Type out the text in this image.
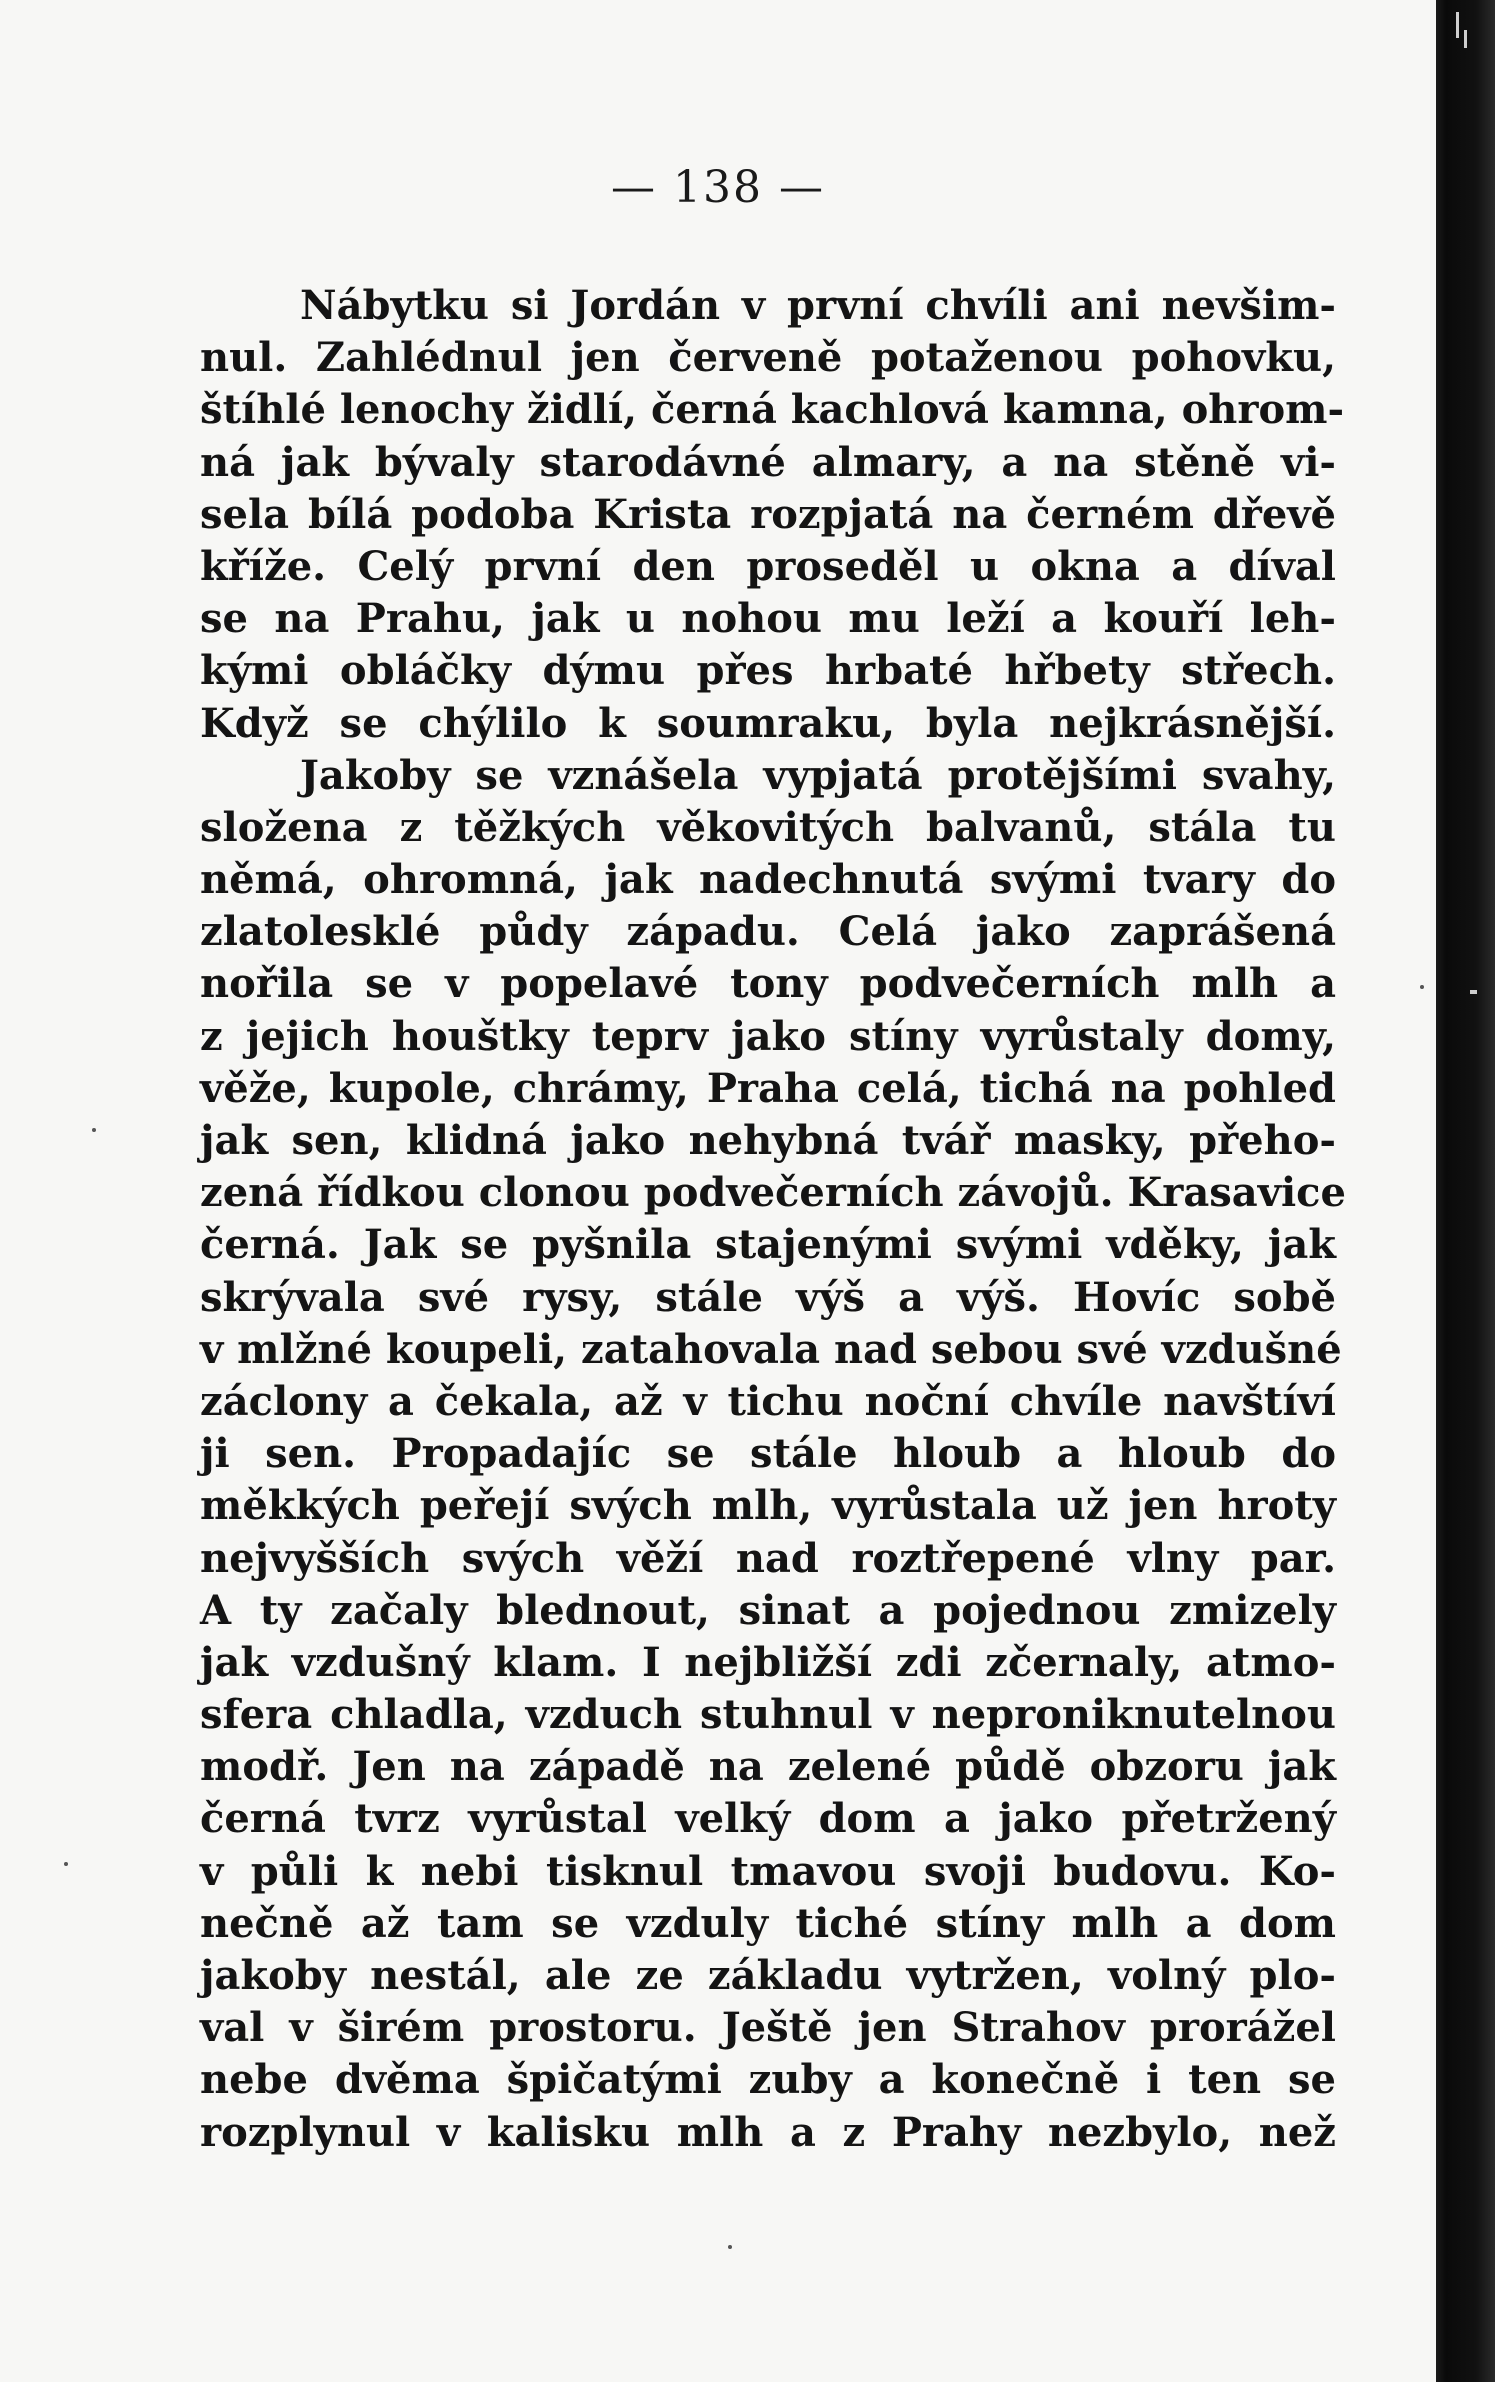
— 138 —
Nábytku si Jordán v první chvíli ani nevšim-
nul. Zahlédnul jen červeně potaženou pohovku,
štíhlé lenochy židlí, černá kachlová kamna, ohrom-
ná jak bývaly starodávné almary, a na stěně vi-
sela bílá podoba Krista rozpjatá na černém dřevě
kříže. Celý první den proseděl u okna a díval
se na Prahu, jak u nohou mu leží a kouří leh-
kými obláčky dýmu přes hrbaté hřbety střech.
Když se chýlilo k soumraku, byla nejkrásnější.
Jakoby se vznášela vypjatá protějšími svahy,
složena z těžkých věkovitých balvanů, stála tu
němá, ohromná, jak nadechnutá svými tvary do
zlatolesklé půdy západu. Celá jako zaprášená
nořila se v popelavé tony podvečerních mlh a
z jejich houštky teprv jako stíny vyrůstaly domy,
věže, kupole, chrámy, Praha celá, tichá na pohled
jak sen, klidná jako nehybná tvář masky, přeho-
zená řídkou clonou podvečerních závojů. Krasavice
černá. Jak se pyšnila stajenými svými vděky, jak
skrývala své rysy, stále výš a výš. Hovíc sobě
v mlžné koupeli, zatahovala nad sebou své vzdušné
záclony a čekala, až v tichu noční chvíle navštíví
ji sen. Propadajíc se stále hloub a hloub do
měkkých peřejí svých mlh, vyrůstala už jen hroty
nejvyšších svých věží nad roztřepené vlny par.
A ty začaly blednout, sinat a pojednou zmizely
jak vzdušný klam. I nejbližší zdi zčernaly, atmo-
sfera chladla, vzduch stuhnul v neproniknutelnou
modř. Jen na západě na zelené půdě obzoru jak
černá tvrz vyrůstal velký dom a jako přetržený
v půli k nebi tisknul tmavou svoji budovu. Ko-
nečně až tam se vzduly tiché stíny mlh a dom
jakoby nestál, ale ze základu vytržen, volný plo-
val v širém prostoru. Ještě jen Strahov prorážel
nebe dvěma špičatými zuby a konečně i ten se
rozplynul v kalisku mlh a z Prahy nezbylo, než
